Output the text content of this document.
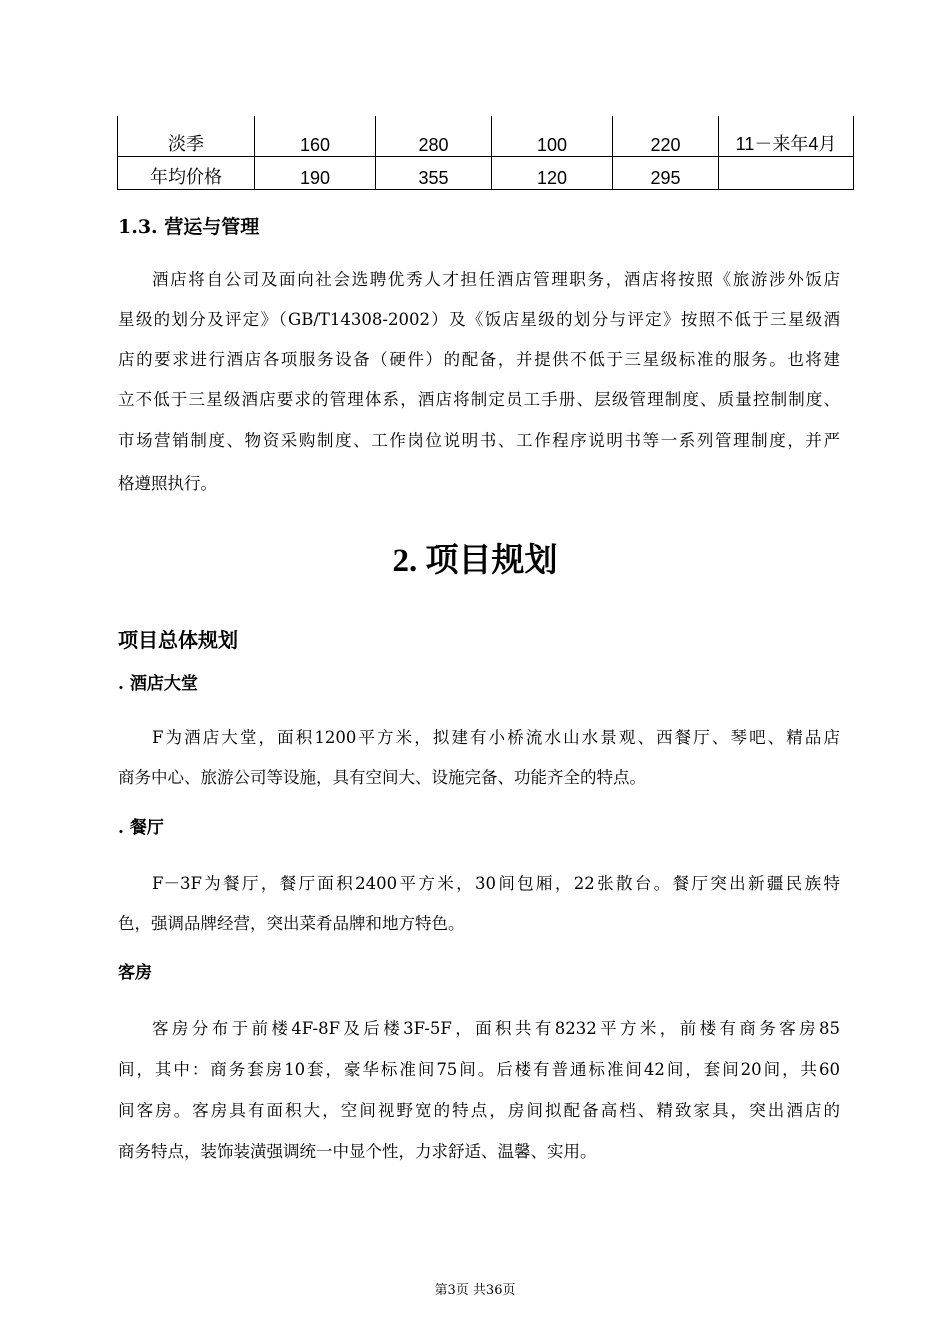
淡季	160	280	100	220	11－来年4月
年均价格	190	355	120	295	
1.3. 营运与管理
酒店将自公司及面向社会选聘优秀人才担任酒店管理职务，酒店将按照《旅游涉外饭店
星级的划分及评定》（GB/T14308-2002）及《饭店星级的划分与评定》按照不低于三星级酒
店的要求进行酒店各项服务设备（硬件）的配备，并提供不低于三星级标准的服务。也将建
立不低于三星级酒店要求的管理体系，酒店将制定员工手册、层级管理制度、质量控制制度、
市场营销制度、物资采购制度、工作岗位说明书、工作程序说明书等一系列管理制度，并严
格遵照执行。
2. 项目规划
项目总体规划
. 酒店大堂
F为酒店大堂，面积1200平方米，拟建有小桥流水山水景观、西餐厅、琴吧、精品店
商务中心、旅游公司等设施，具有空间大、设施完备、功能齐全的特点。
. 餐厅
F－3F为餐厅，餐厅面积2400平方米，30间包厢，22张散台。餐厅突出新疆民族特
色，强调品牌经营，突出菜肴品牌和地方特色。
客房
客房分布于前楼4F-8F及后楼3F-5F，面积共有8232平方米，前楼有商务客房85
间，其中：商务套房10套，豪华标准间75间。后楼有普通标准间42间，套间20间，共60
间客房。客房具有面积大，空间视野宽的特点，房间拟配备高档、精致家具，突出酒店的
商务特点，装饰装潢强调统一中显个性，力求舒适、温馨、实用。
第3页 共36页
